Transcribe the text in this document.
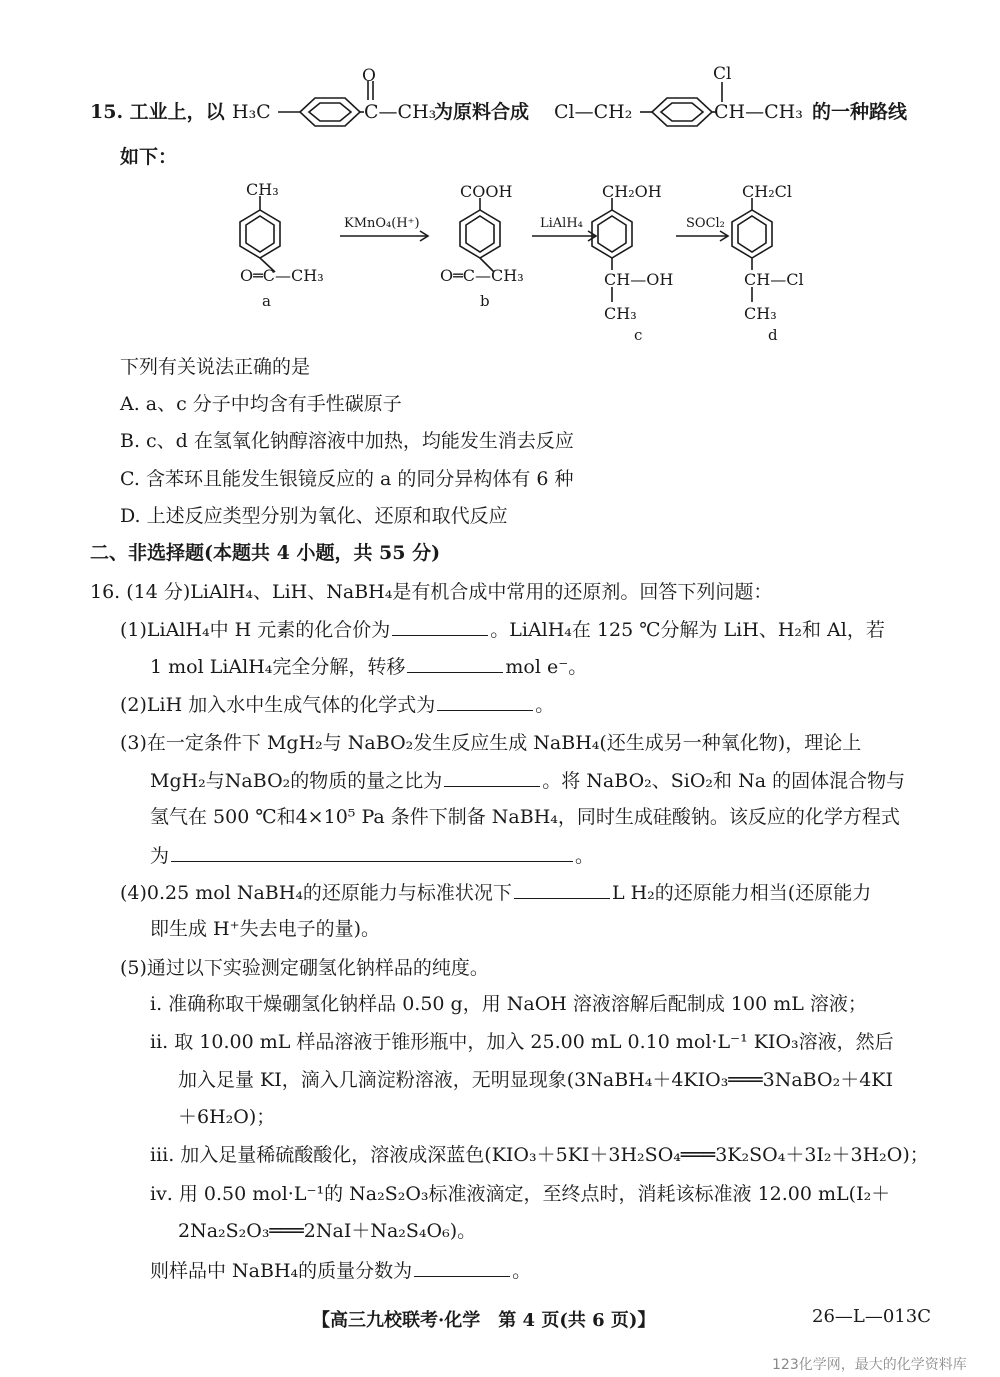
15. 工业上，以 H₃C
O
C—CH₃
为原料合成 Cl—CH₂
Cl
CH—CH₃ 的一种路线
如下：
CH₃
O═C—CH₃
a
KMnO₄(H⁺)
COOH
O═C—CH₃
b
LiAlH₄
CH₂OH
CH—OH
CH₃
c
SOCl₂
CH₂Cl
CH—Cl
CH₃
d
下列有关说法正确的是
A. a、c 分子中均含有手性碳原子
B. c、d 在氢氧化钠醇溶液中加热，均能发生消去反应
C. 含苯环且能发生银镜反应的 a 的同分异构体有 6 种
D. 上述反应类型分别为氧化、还原和取代反应
二、非选择题(本题共 4 小题，共 55 分)
16. (14 分)LiAlH₄、LiH、NaBH₄是有机合成中常用的还原剂。回答下列问题：
(1)LiAlH₄中 H 元素的化合价为	。LiAlH₄在 125 ℃分解为 LiH、H₂和 Al，若
1 mol LiAlH₄完全分解，转移	mol e⁻。
(2)LiH 加入水中生成气体的化学式为	。
(3)在一定条件下 MgH₂与 NaBO₂发生反应生成 NaBH₄(还生成另一种氧化物)，理论上
MgH₂与NaBO₂的物质的量之比为	。将 NaBO₂、SiO₂和 Na 的固体混合物与
氢气在 500 ℃和4×10⁵ Pa 条件下制备 NaBH₄，同时生成硅酸钠。该反应的化学方程式
为	。
(4)0.25 mol NaBH₄的还原能力与标准状况下	L H₂的还原能力相当(还原能力
即生成 H⁺失去电子的量)。
(5)通过以下实验测定硼氢化钠样品的纯度。
ⅰ. 准确称取干燥硼氢化钠样品 0.50 g，用 NaOH 溶液溶解后配制成 100 mL 溶液；
ⅱ. 取 10.00 mL 样品溶液于锥形瓶中，加入 25.00 mL 0.10 mol·L⁻¹ KIO₃溶液，然后
加入足量 KI，滴入几滴淀粉溶液，无明显现象(3NaBH₄＋4KIO₃═══3NaBO₂＋4KI
＋6H₂O)；
ⅲ. 加入足量稀硫酸酸化，溶液成深蓝色(KIO₃＋5KI＋3H₂SO₄═══3K₂SO₄＋3I₂＋3H₂O)；
ⅳ. 用 0.50 mol·L⁻¹的 Na₂S₂O₃标准液滴定，至终点时，消耗该标准液 12.00 mL(I₂＋
2Na₂S₂O₃═══2NaI＋Na₂S₄O₆)。
则样品中 NaBH₄的质量分数为	。
【高三九校联考·化学　第 4 页(共 6 页)】	26—L—013C
123化学网，最大的化学资料库
